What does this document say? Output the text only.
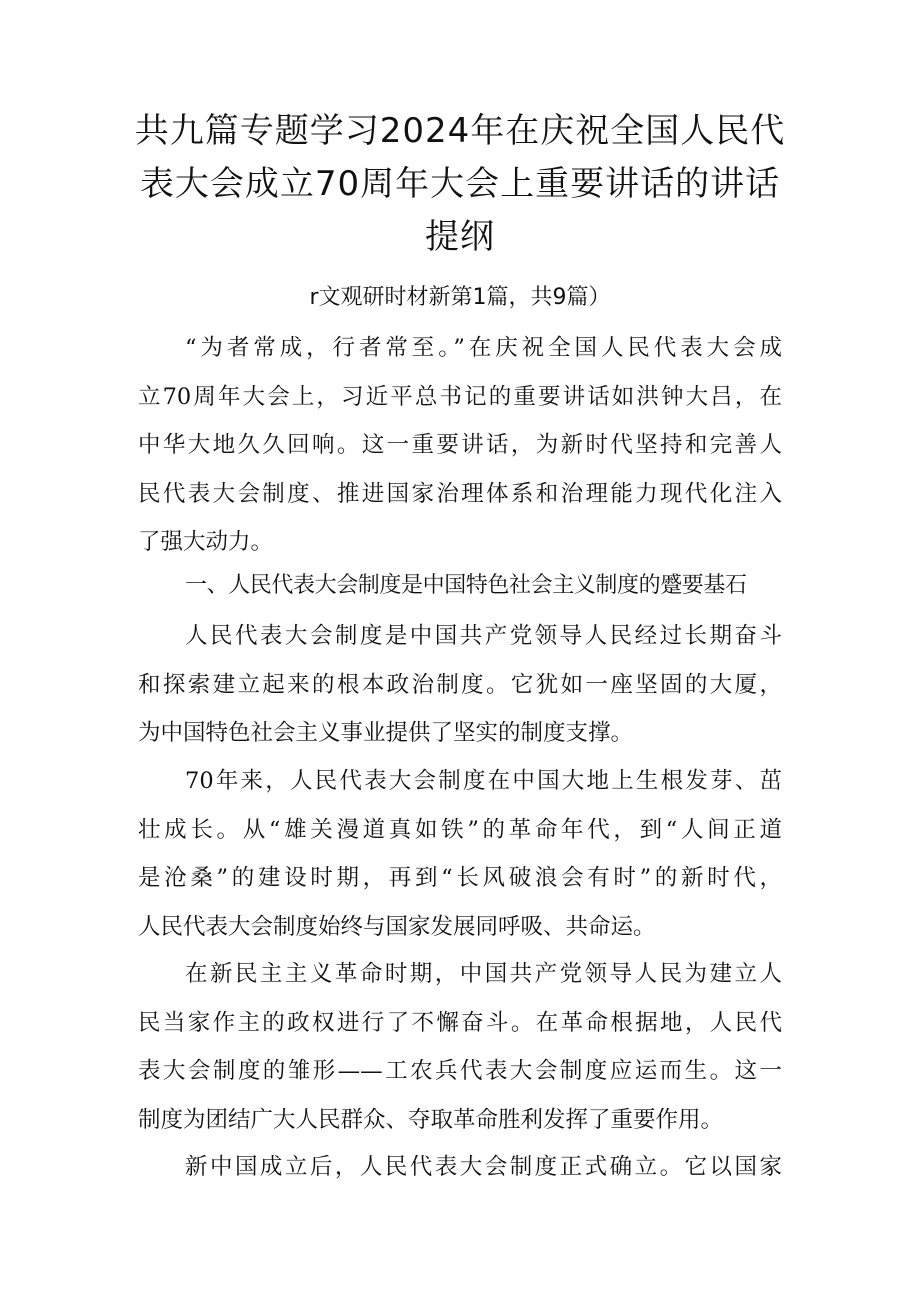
共九篇专题学习2024年在庆祝全国人民代
表大会成立70周年大会上重要讲话的讲话
提纲
r文观研时材新第1篇，共9篇）

“为者常成，行者常至。”在庆祝全国人民代表大会成
立70周年大会上，习近平总书记的重要讲话如洪钟大吕，在
中华大地久久回响。这一重要讲话，为新时代坚持和完善人
民代表大会制度、推进国家治理体系和治理能力现代化注入
了强大动力。

一、人民代表大会制度是中国特色社会主义制度的蹙要基石

人民代表大会制度是中国共产党领导人民经过长期奋斗
和探索建立起来的根本政治制度。它犹如一座坚固的大厦，
为中国特色社会主义事业提供了坚实的制度支撑。

70年来，人民代表大会制度在中国大地上生根发芽、茁
壮成长。从“雄关漫道真如铁”的革命年代，到“人间正道
是沧桑”的建设时期，再到“长风破浪会有时”的新时代，
人民代表大会制度始终与国家发展同呼吸、共命运。

在新民主主义革命时期，中国共产党领导人民为建立人
民当家作主的政权进行了不懈奋斗。在革命根据地，人民代
表大会制度的雏形——工农兵代表大会制度应运而生。这一
制度为团结广大人民群众、夺取革命胜利发挥了重要作用。

新中国成立后，人民代表大会制度正式确立。它以国家
